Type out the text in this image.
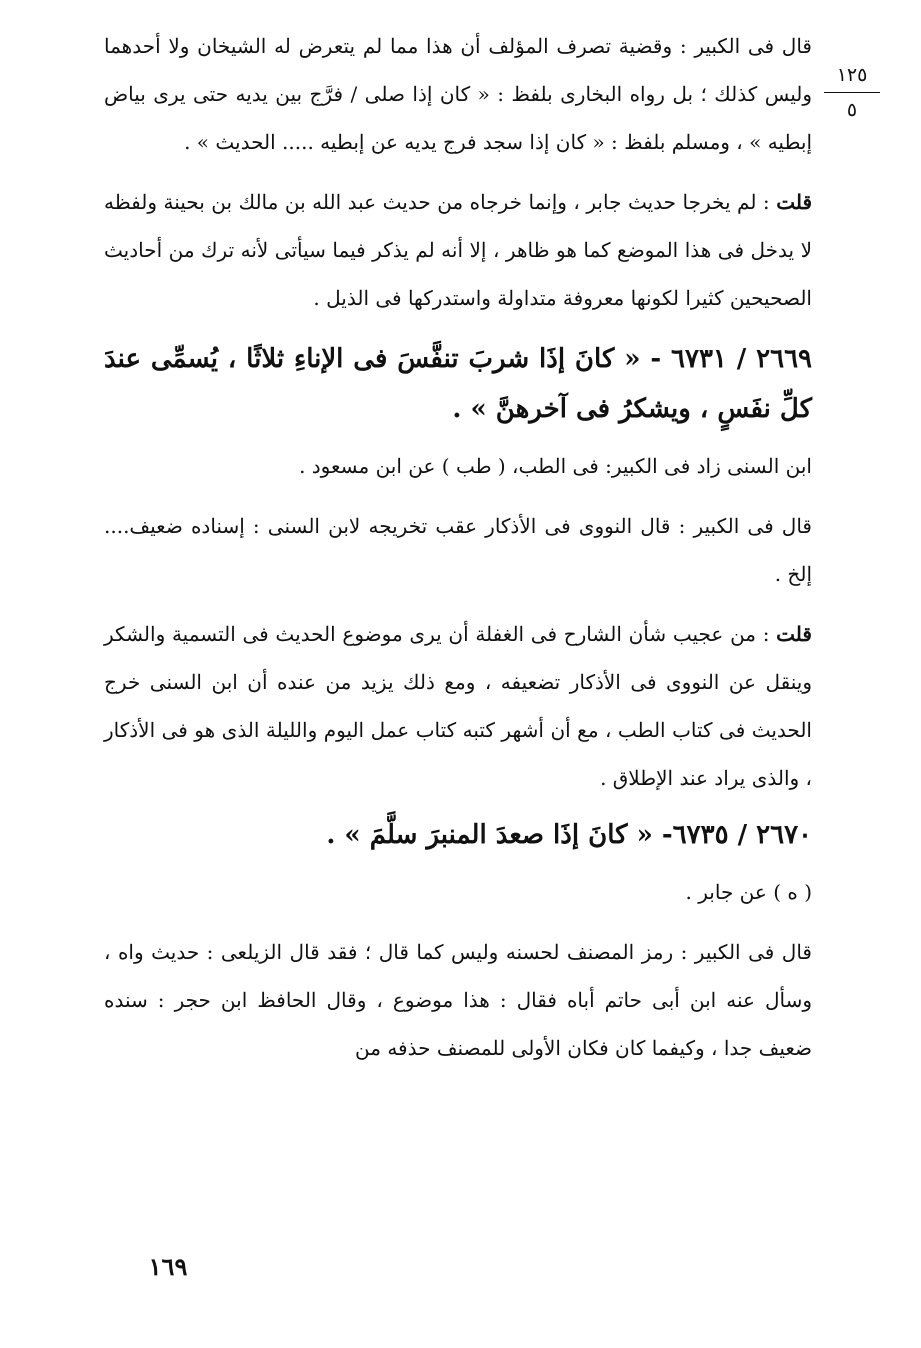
١٢٥
٥

قال فى الكبير : وقضية تصرف المؤلف أن هذا مما لم يتعرض له الشيخان ولا أحدهما وليس كذلك ؛ بل رواه البخارى بلفظ : « كان إذا صلى / فرَّج بين يديه حتى يرى بياض إبطيه » ، ومسلم بلفظ : « كان إذا سجد فرج يديه عن إبطيه ..... الحديث » .

قلت : لم يخرجا حديث جابر ، وإنما خرجاه من حديث عبد الله بن مالك بن بحينة ولفظه لا يدخل فى هذا الموضع كما هو ظاهر ، إلا أنه لم يذكر فيما سيأتى لأنه ترك من أحاديث الصحيحين كثيرا لكونها معروفة متداولة واستدركها فى الذيل .

٢٦٦٩ / ٦٧٣١ - « كانَ إذَا شربَ تنفَّسَ فى الإناءِ ثلاثًا ، يُسمِّى عندَ كلِّ نفَسٍ ، ويشكرُ فى آخرهنَّ » .

ابن السنى زاد فى الكبير: فى الطب، ( طب ) عن ابن مسعود .

قال فى الكبير : قال النووى فى الأذكار عقب تخريجه لابن السنى : إسناده ضعيف.... إلخ .

قلت : من عجيب شأن الشارح فى الغفلة أن يرى موضوع الحديث فى التسمية والشكر وينقل عن النووى فى الأذكار تضعيفه ، ومع ذلك يزيد من عنده أن ابن السنى خرج الحديث فى كتاب الطب ، مع أن أشهر كتبه كتاب عمل اليوم والليلة الذى هو فى الأذكار ، والذى يراد عند الإطلاق .

٢٦٧٠ / ٦٧٣٥- « كانَ إذَا صعدَ المنبرَ سلَّمَ » .

( ه ) عن جابر .

قال فى الكبير : رمز المصنف لحسنه وليس كما قال ؛ فقد قال الزيلعى : حديث واه ، وسأل عنه ابن أبى حاتم أباه فقال : هذا موضوع ، وقال الحافظ ابن حجر : سنده ضعيف جدا ، وكيفما كان فكان الأولى للمصنف حذفه من

١٦٩
